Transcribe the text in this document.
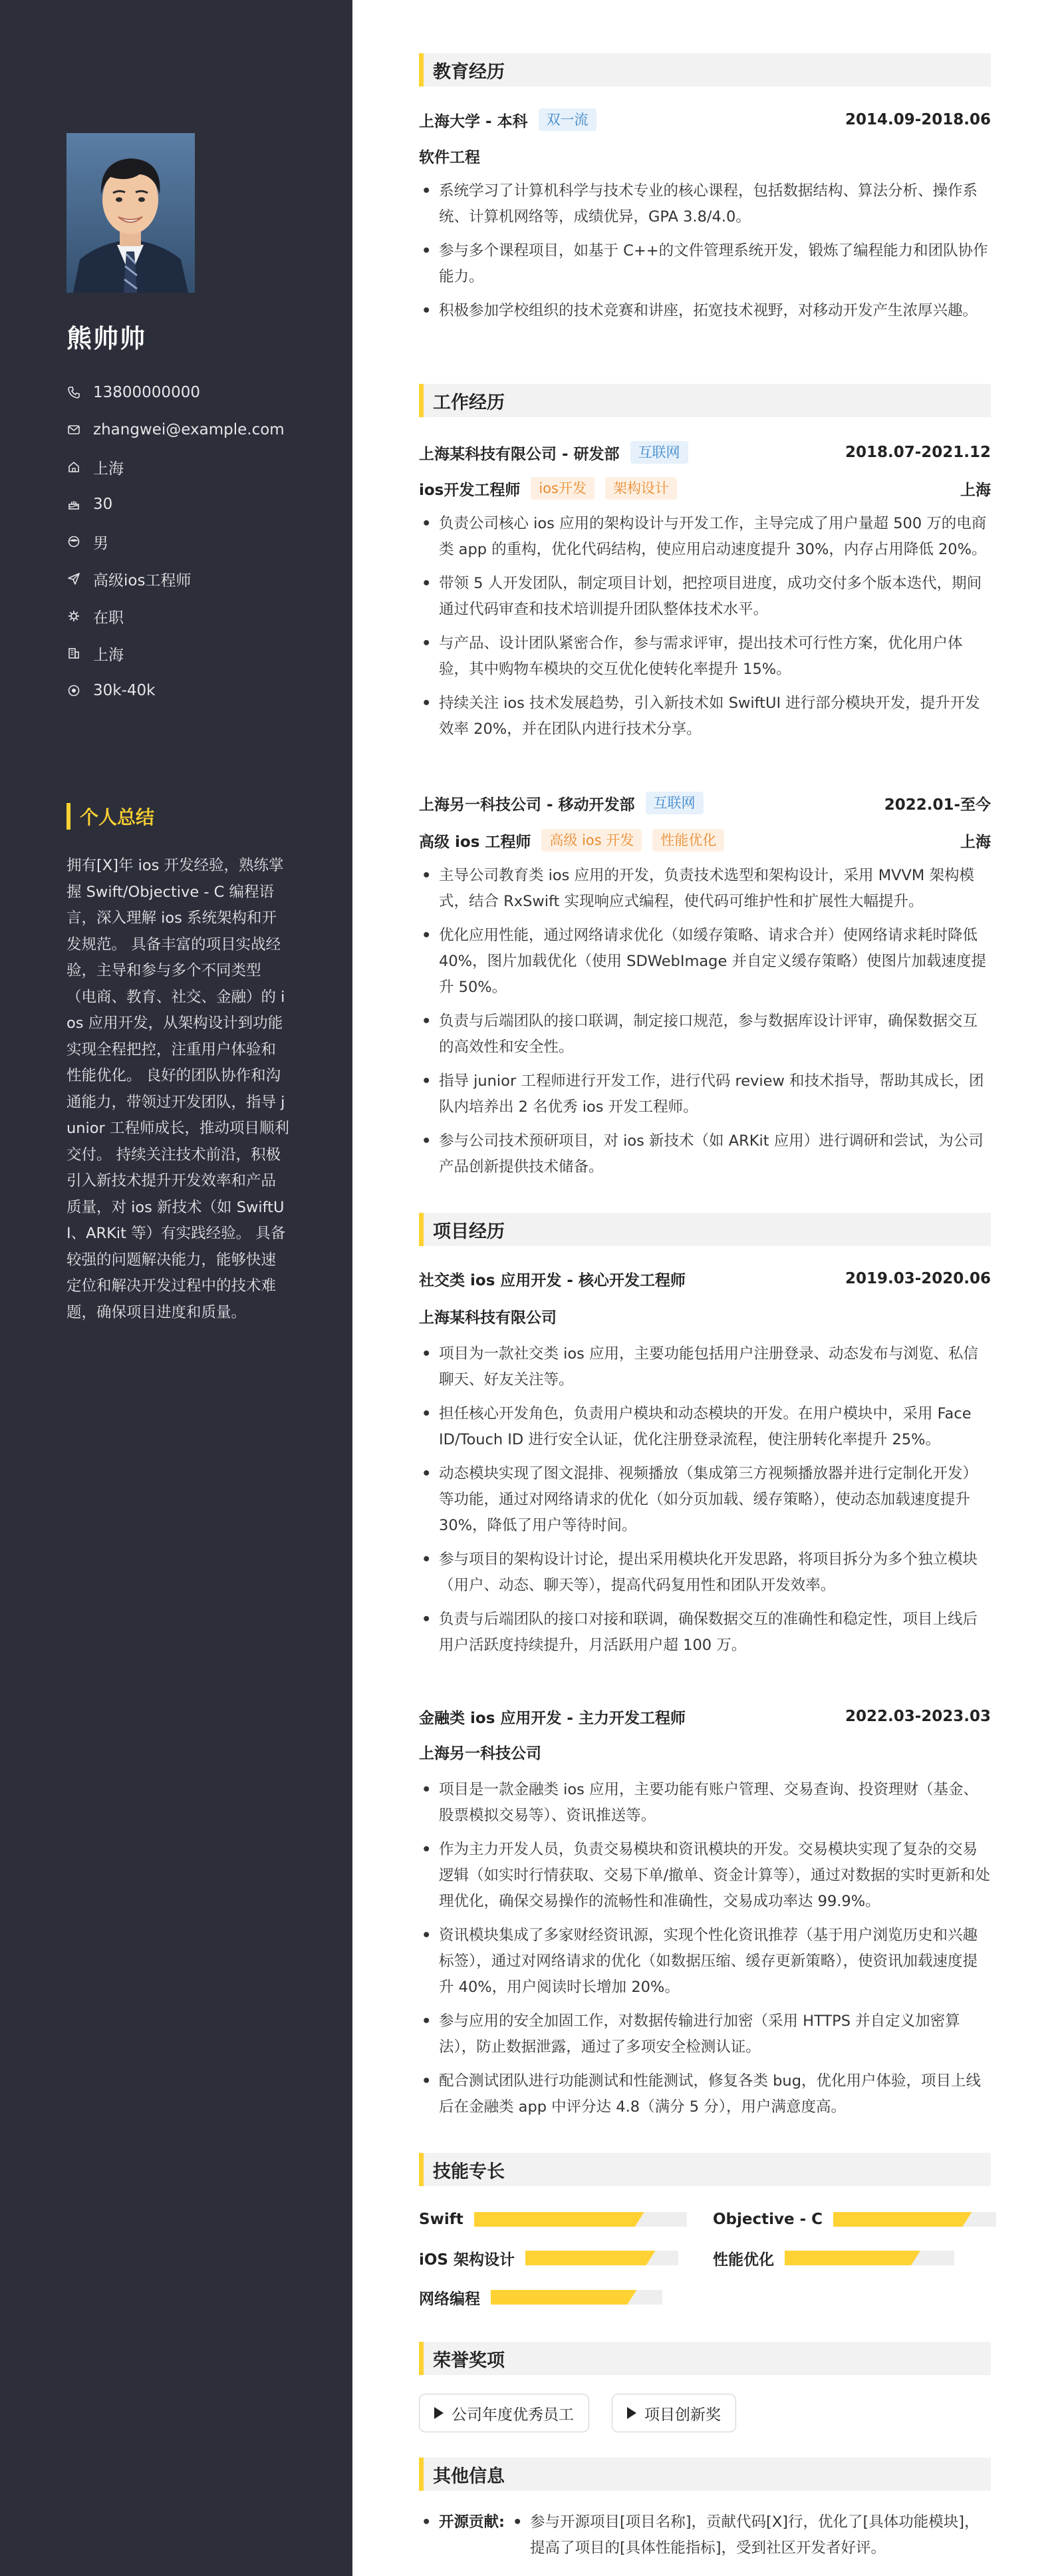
熊帅帅
13800000000
zhangwei@example.com
上海
30
男
高级ios工程师
在职
上海
30k-40k
个人总结
拥有[X]年 ios 开发经验，熟练掌握 Swift/Objective - C 编程语言，深入理解 ios 系统架构和开发规范。 具备丰富的项目实战经验，主导和参与多个不同类型（电商、教育、社交、金融）的 ios 应用开发，从架构设计到功能实现全程把控，注重用户体验和性能优化。 良好的团队协作和沟通能力，带领过开发团队，指导 junior 工程师成长，推动项目顺利交付。 持续关注技术前沿，积极引入新技术提升开发效率和产品质量，对 ios 新技术（如 SwiftUI、ARKit 等）有实践经验。 具备较强的问题解决能力，能够快速定位和解决开发过程中的技术难题，确保项目进度和质量。
教育经历
上海大学 - 本科	双一流	2014.09-2018.06
软件工程
• 系统学习了计算机科学与技术专业的核心课程，包括数据结构、算法分析、操作系统、计算机网络等，成绩优异，GPA 3.8/4.0。
• 参与多个课程项目，如基于 C++的文件管理系统开发，锻炼了编程能力和团队协作能力。
• 积极参加学校组织的技术竞赛和讲座，拓宽技术视野，对移动开发产生浓厚兴趣。
工作经历
上海某科技有限公司 - 研发部	互联网	2018.07-2021.12
ios开发工程师	ios开发	架构设计	上海
• 负责公司核心 ios 应用的架构设计与开发工作，主导完成了用户量超 500 万的电商类 app 的重构，优化代码结构，使应用启动速度提升 30%，内存占用降低 20%。
• 带领 5 人开发团队，制定项目计划，把控项目进度，成功交付多个版本迭代，期间通过代码审查和技术培训提升团队整体技术水平。
• 与产品、设计团队紧密合作，参与需求评审，提出技术可行性方案，优化用户体验，其中购物车模块的交互优化使转化率提升 15%。
• 持续关注 ios 技术发展趋势，引入新技术如 SwiftUI 进行部分模块开发，提升开发效率 20%，并在团队内进行技术分享。
上海另一科技公司 - 移动开发部	互联网	2022.01-至今
高级 ios 工程师	高级 ios 开发	性能优化	上海
• 主导公司教育类 ios 应用的开发，负责技术选型和架构设计，采用 MVVM 架构模式，结合 RxSwift 实现响应式编程，使代码可维护性和扩展性大幅提升。
• 优化应用性能，通过网络请求优化（如缓存策略、请求合并）使网络请求耗时降低 40%，图片加载优化（使用 SDWebImage 并自定义缓存策略）使图片加载速度提升 50%。
• 负责与后端团队的接口联调，制定接口规范，参与数据库设计评审，确保数据交互的高效性和安全性。
• 指导 junior 工程师进行开发工作，进行代码 review 和技术指导，帮助其成长，团队内培养出 2 名优秀 ios 开发工程师。
• 参与公司技术预研项目，对 ios 新技术（如 ARKit 应用）进行调研和尝试，为公司产品创新提供技术储备。
项目经历
社交类 ios 应用开发 - 核心开发工程师	2019.03-2020.06
上海某科技有限公司
• 项目为一款社交类 ios 应用，主要功能包括用户注册登录、动态发布与浏览、私信聊天、好友关注等。
• 担任核心开发角色，负责用户模块和动态模块的开发。在用户模块中，采用 Face ID/Touch ID 进行安全认证，优化注册登录流程，使注册转化率提升 25%。
• 动态模块实现了图文混排、视频播放（集成第三方视频播放器并进行定制化开发）等功能，通过对网络请求的优化（如分页加载、缓存策略），使动态加载速度提升 30%，降低了用户等待时间。
• 参与项目的架构设计讨论，提出采用模块化开发思路，将项目拆分为多个独立模块（用户、动态、聊天等），提高代码复用性和团队开发效率。
• 负责与后端团队的接口对接和联调，确保数据交互的准确性和稳定性，项目上线后用户活跃度持续提升，月活跃用户超 100 万。
金融类 ios 应用开发 - 主力开发工程师	2022.03-2023.03
上海另一科技公司
• 项目是一款金融类 ios 应用，主要功能有账户管理、交易查询、投资理财（基金、股票模拟交易等）、资讯推送等。
• 作为主力开发人员，负责交易模块和资讯模块的开发。交易模块实现了复杂的交易逻辑（如实时行情获取、交易下单/撤单、资金计算等），通过对数据的实时更新和处理优化，确保交易操作的流畅性和准确性，交易成功率达 99.9%。
• 资讯模块集成了多家财经资讯源，实现个性化资讯推荐（基于用户浏览历史和兴趣标签），通过对网络请求的优化（如数据压缩、缓存更新策略），使资讯加载速度提升 40%，用户阅读时长增加 20%。
• 参与应用的安全加固工作，对数据传输进行加密（采用 HTTPS 并自定义加密算法），防止数据泄露，通过了多项安全检测认证。
• 配合测试团队进行功能测试和性能测试，修复各类 bug，优化用户体验，项目上线后在金融类 app 中评分达 4.8（满分 5 分），用户满意度高。
技能专长
Swift	Objective - C
iOS 架构设计	性能优化
网络编程
荣誉奖项
公司年度优秀员工	项目创新奖
其他信息
• 开源贡献: • 参与开源项目[项目名称]，贡献代码[X]行，优化了[具体功能模块]，提高了项目的[具体性能指标]，受到社区开发者好评。
